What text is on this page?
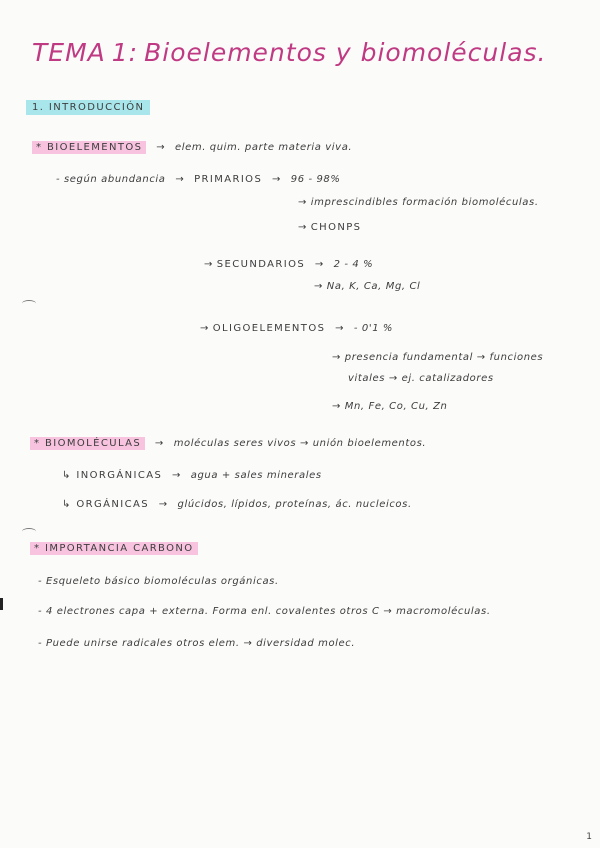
TEMA 1: Bioelementos y biomoléculas.
1. INTRODUCCIÓN
* BIOELEMENTOS → elem. quim. parte materia viva.
- según abundancia → PRIMARIOS → 96 - 98%
→ imprescindibles formación biomoléculas.
→ CHONPS
→ SECUNDARIOS → 2 - 4 %
→ Na, K, Ca, Mg, Cl
→ OLIGOELEMENTOS → - 0'1 %
→ presencia fundamental → funciones
vitales → ej. catalizadores
→ Mn, Fe, Co, Cu, Zn
* BIOMOLÉCULAS → moléculas seres vivos → unión bioelementos.
↳ INORGÁNICAS → agua + sales minerales
↳ ORGÁNICAS → glúcidos, lípidos, proteínas, ác. nucleicos.
* IMPORTANCIA CARBONO
- Esqueleto básico biomoléculas orgánicas.
- 4 electrones capa + externa. Forma enl. covalentes otros C → macromoléculas.
- Puede unirse radicales otros elem. → diversidad molec.
1
